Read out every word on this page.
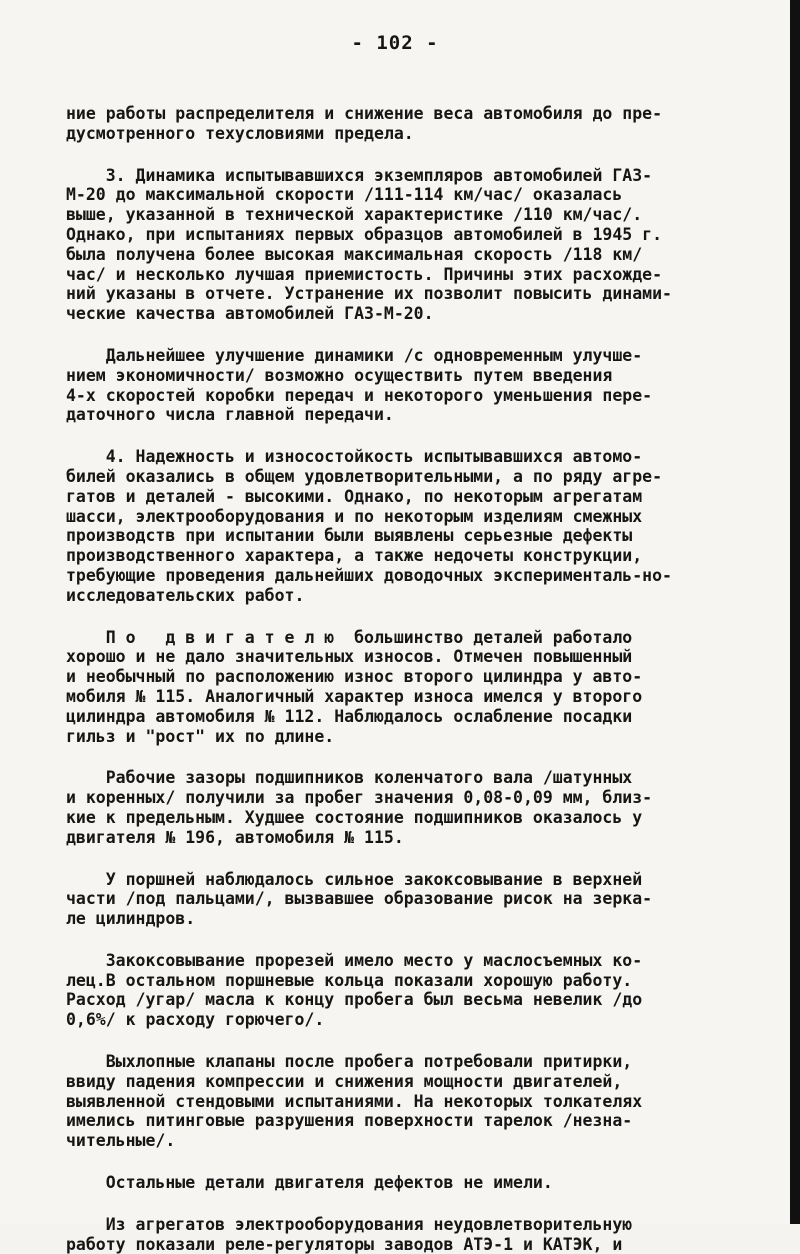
- 102 -
ние работы распределителя и снижение веса автомобиля до пре-
дусмотренного техусловиями предела.
3. Динамика испытывавшихся экземпляров автомобилей ГАЗ-
М-20 до максимальной скорости /111-114 км/час/ оказалась
выше, указанной в технической характеристике /110 км/час/.
Однако, при испытаниях первых образцов автомобилей в 1945 г.
была получена более высокая максимальная скорость /118 км/
час/ и несколько лучшая приемистость. Причины этих расхожде-
ний указаны в отчете. Устранение их позволит повысить динами-
ческие качества автомобилей ГАЗ-М-20.
Дальнейшее улучшение динамики /с одновременным улучше-
нием экономичности/ возможно осуществить путем введения
4-х скоростей коробки передач и некоторого уменьшения пере-
даточного числа главной передачи.
4. Надежность и износостойкость испытывавшихся автомо-
билей оказались в общем удовлетворительными, а по ряду агре-
гатов и деталей - высокими. Однако, по некоторым агрегатам
шасси, электрооборудования и по некоторым изделиям смежных
производств при испытании были выявлены серьезные дефекты
производственного характера, а также недочеты конструкции,
требующие проведения дальнейших доводочных эксперименталь-но-
исследовательских работ.
П о   д в и г а т е л ю  большинство деталей работало
хорошо и не дало значительных износов. Отмечен повышенный
и необычный по расположению износ второго цилиндра у авто-
мобиля № 115. Аналогичный характер износа имелся у второго
цилиндра автомобиля № 112. Наблюдалось ослабление посадки
гильз и "рост" их по длине.
Рабочие зазоры подшипников коленчатого вала /шатунных
и коренных/ получили за пробег значения 0,08-0,09 мм, близ-
кие к предельным. Худшее состояние подшипников оказалось у
двигателя № 196, автомобиля № 115.
У поршней наблюдалось сильное закоксовывание в верхней
части /под пальцами/, вызвавшее образование рисок на зерка-
ле цилиндров.
Закоксовывание прорезей имело место у маслосъемных ко-
лец.В остальном поршневые кольца показали хорошую работу.
Расход /угар/ масла к концу пробега был весьма невелик /до
0,6%/ к расходу горючего/.
Выхлопные клапаны после пробега потребовали притирки,
ввиду падения компрессии и снижения мощности двигателей,
выявленной стендовыми испытаниями. На некоторых толкателях
имелись питинговые разрушения поверхности тарелок /незна-
чительные/.
Остальные детали двигателя дефектов не имели.
Из агрегатов электрооборудования неудовлетворительную
работу показали реле-регуляторы заводов АТЭ-1 и КАТЭК, и
